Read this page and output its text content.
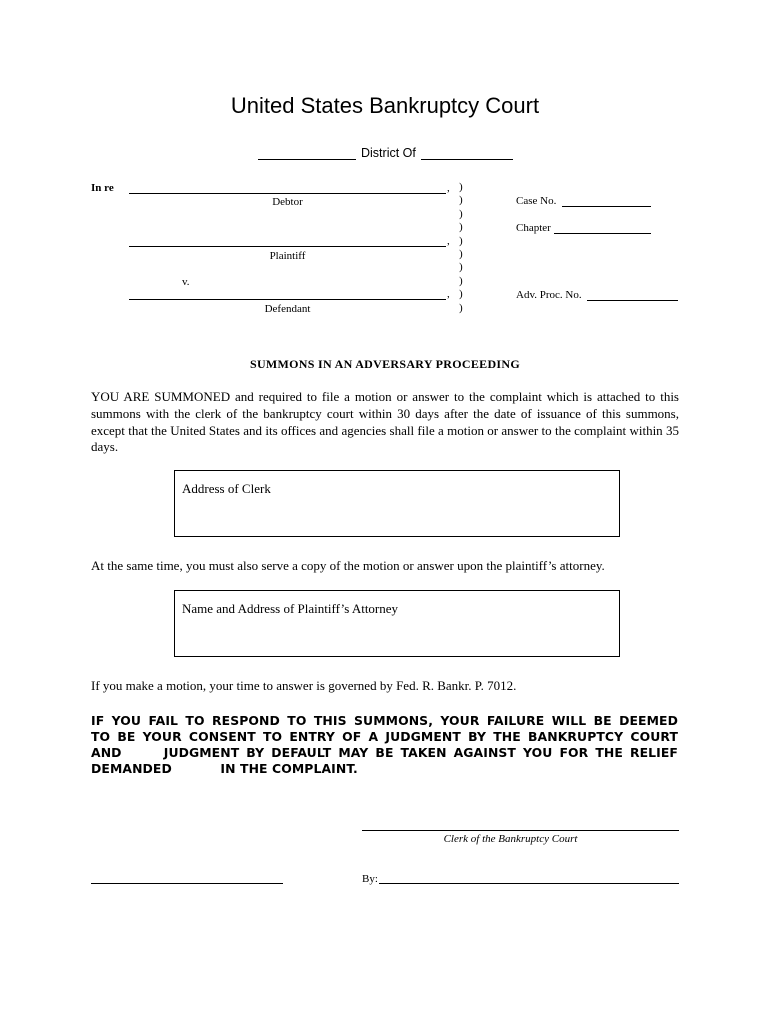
United States Bankruptcy Court
District Of
In re	,
Debtor
,
Plaintiff
v.
,
Defendant
)
)
)
)
)
)
)
)
)
)
Case No.
Chapter
Adv. Proc. No.
SUMMONS IN AN ADVERSARY PROCEEDING
YOU ARE SUMMONED and required to file a motion or answer to the complaint which is attached to this summons with the clerk of the bankruptcy court within 30 days after the date of issuance of this summons, except that the United States and its offices and agencies shall file a motion or answer to the complaint within 35 days.
Address of Clerk
At the same time, you must also serve a copy of the motion or answer upon the plaintiff’s attorney.
Name and Address of Plaintiff’s Attorney
If you make a motion, your time to answer is governed by Fed. R. Bankr. P. 7012.
IF YOU FAIL TO RESPOND TO THIS SUMMONS, YOUR FAILURE WILL BE DEEMED
TO BE YOUR CONSENT TO ENTRY OF A JUDGMENT BY THE BANKRUPTCY COURT
AND      JUDGMENT BY DEFAULT MAY BE TAKEN AGAINST YOU FOR THE RELIEF
DEMANDED           IN THE COMPLAINT.
Clerk of the Bankruptcy Court
By:
